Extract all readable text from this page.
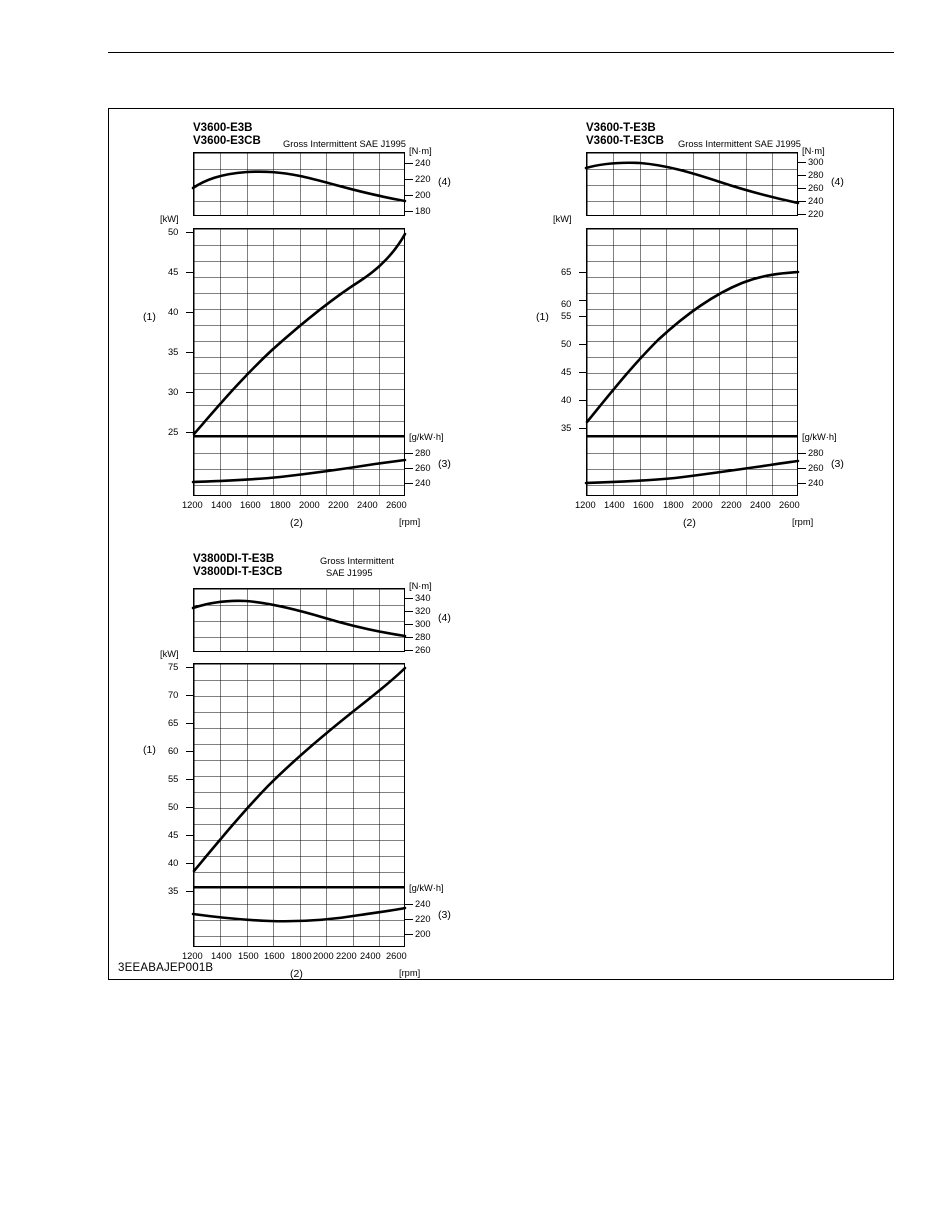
3EEABAJEP001B
V3600-E3B
V3600-E3CB Gross Intermittent SAE J1995
[N·m]
240
220
200
180
(4)
[kW]
50
45
40
35
30
25
(1)
[g/kW·h]
280
260
240
(3)
1200 1400 1600 1800 2000 2200 2400 2600
[rpm]
(2)
V3600-T-E3B
V3600-T-E3CB Gross Intermittent SAE J1995
[N·m]
300
280
260
240
220
(4)
[kW]
65
60
55
50
45
40
35
(1)
[g/kW·h]
280
260
240
(3)
1200 1400 1600 1800 2000 2200 2400 2600
[rpm]
(2)
V3800DI-T-E3B
V3800DI-T-E3CB
Gross Intermittent
SAE J1995
[N·m]
340
320
300
280
260
(4)
[kW]
75
70
65
60
55
50
45
40
35
(1)
[g/kW·h]
240
220
200
(3)
1200 1400 1500 1600 1800 2000 2200 2400 2600
[rpm]
(2)
